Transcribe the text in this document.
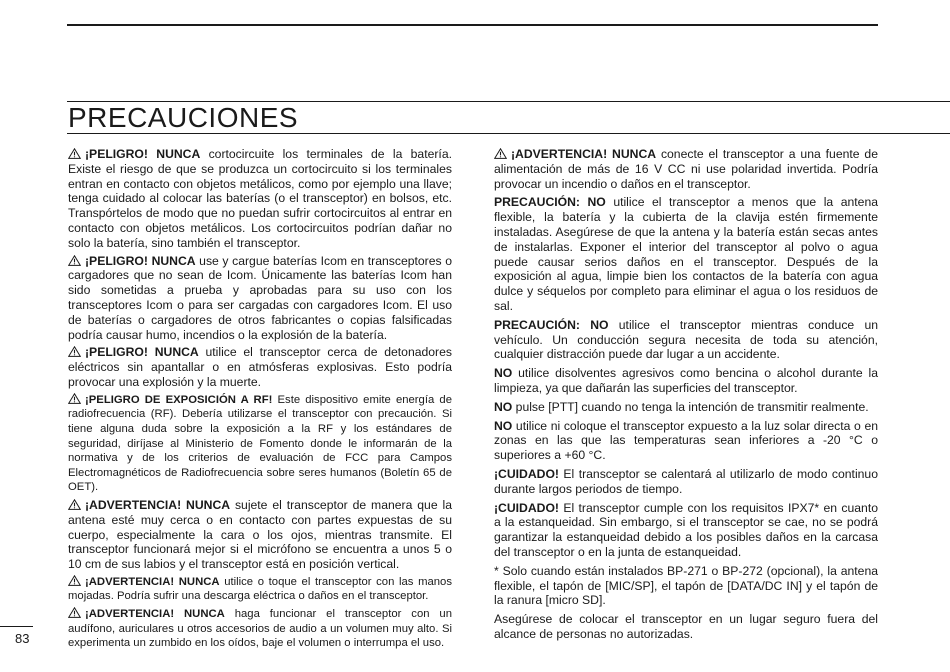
PRECAUCIONES

¡PELIGRO! NUNCA cortocircuite los terminales de la batería. Existe el riesgo de que se produzca un cortocircuito si los terminales entran en contacto con objetos metálicos, como por ejemplo una llave; tenga cuidado al colocar las baterías (o el transceptor) en bolsos, etc. Transpórtelos de modo que no puedan sufrir cortocircuitos al entrar en contacto con objetos metálicos. Los cortocircuitos podrían dañar no solo la batería, sino también el transceptor.

¡PELIGRO! NUNCA use y cargue baterías Icom en transceptores o cargadores que no sean de Icom. Únicamente las baterías Icom han sido sometidas a prueba y aprobadas para su uso con los transceptores Icom o para ser cargadas con cargadores Icom. El uso de baterías o cargadores de otros fabricantes o copias falsificadas podría causar humo, incendios o la explosión de la batería.

¡PELIGRO! NUNCA utilice el transceptor cerca de detonadores eléctricos sin apantallar o en atmósferas explosivas. Esto podría provocar una explosión y la muerte.

¡PELIGRO DE EXPOSICIÓN A RF! Este dispositivo emite energía de radiofrecuencia (RF). Debería utilizarse el transceptor con precaución. Si tiene alguna duda sobre la exposición a la RF y los estándares de seguridad, diríjase al Ministerio de Fomento donde le informarán de la normativa y de los criterios de evaluación de FCC para Campos Electromagnéticos de Radiofrecuencia sobre seres humanos (Boletín 65 de OET).

¡ADVERTENCIA! NUNCA sujete el transceptor de manera que la antena esté muy cerca o en contacto con partes expuestas de su cuerpo, especialmente la cara o los ojos, mientras transmite. El transceptor funcionará mejor si el micrófono se encuentra a unos 5 o 10 cm de sus labios y el transceptor está en posición vertical.

¡ADVERTENCIA! NUNCA utilice o toque el transceptor con las manos mojadas. Podría sufrir una descarga eléctrica o daños en el transceptor.

¡ADVERTENCIA! NUNCA haga funcionar el transceptor con un audífono, auriculares u otros accesorios de audio a un volumen muy alto. Si experimenta un zumbido en los oídos, baje el volumen o interrumpa el uso.

¡ADVERTENCIA! NUNCA conecte el transceptor a una fuente de alimentación de más de 16 V CC ni use polaridad invertida. Podría provocar un incendio o daños en el transceptor.

PRECAUCIÓN: NO utilice el transceptor a menos que la antena flexible, la batería y la cubierta de la clavija estén firmemente instaladas. Asegúrese de que la antena y la batería están secas antes de instalarlas. Exponer el interior del transceptor al polvo o agua puede causar serios daños en el transceptor. Después de la exposición al agua, limpie bien los contactos de la batería con agua dulce y séquelos por completo para eliminar el agua o los residuos de sal.

PRECAUCIÓN: NO utilice el transceptor mientras conduce un vehículo. Un conducción segura necesita de toda su atención, cualquier distracción puede dar lugar a un accidente.

NO utilice disolventes agresivos como bencina o alcohol durante la limpieza, ya que dañarán las superficies del transceptor.

NO pulse [PTT] cuando no tenga la intención de transmitir realmente.

NO utilice ni coloque el transceptor expuesto a la luz solar directa o en zonas en las que las temperaturas sean inferiores a -20 °C o superiores a +60 °C.

¡CUIDADO! El transceptor se calentará al utilizarlo de modo continuo durante largos periodos de tiempo.

¡CUIDADO! El transceptor cumple con los requisitos IPX7* en cuanto a la estanqueidad. Sin embargo, si el transceptor se cae, no se podrá garantizar la estanqueidad debido a los posibles daños en la carcasa del transceptor o en la junta de estanqueidad.

* Solo cuando están instalados BP-271 o BP-272 (opcional), la antena flexible, el tapón de [MIC/SP], el tapón de [DATA/DC IN] y el tapón de la ranura [micro SD].

Asegúrese de colocar el transceptor en un lugar seguro fuera del alcance de personas no autorizadas.

83
